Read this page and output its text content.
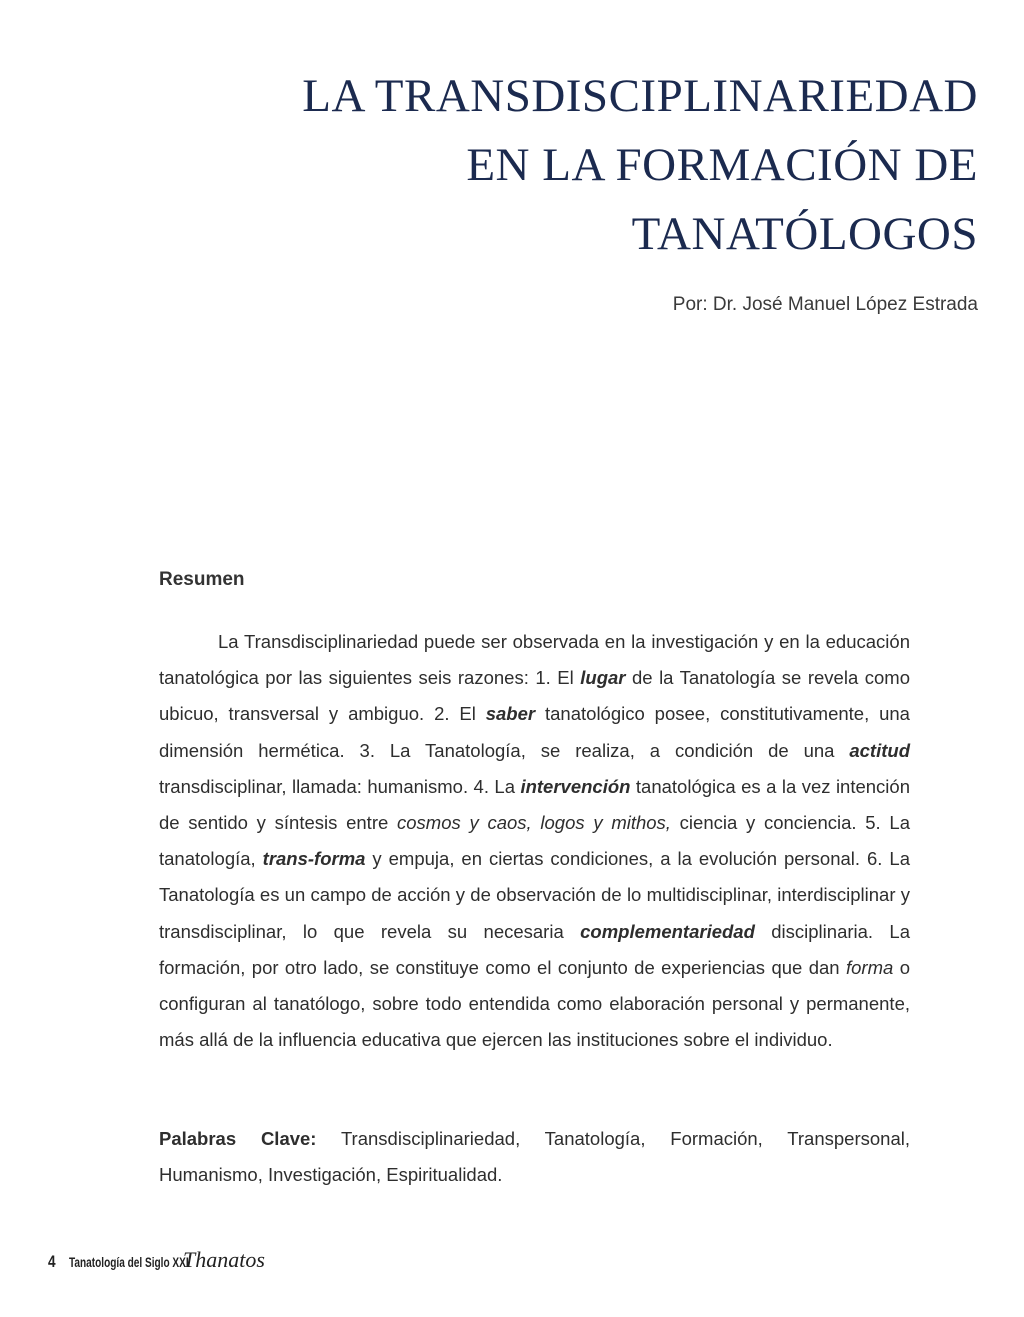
LA TRANSDISCIPLINARIEDAD
EN LA FORMACIÓN DE
TANATÓLOGOS

Por: Dr. José Manuel López Estrada

Resumen

La Transdisciplinariedad puede ser observada en la investigación y en la educación tanatológica por las siguientes seis razones: 1. El lugar de la Tanatología se revela como ubicuo, transversal y ambiguo. 2. El saber tanatológico posee, constitutivamente, una dimensión hermética. 3. La Tanatología, se realiza, a condición de una actitud transdisciplinar, llamada: humanismo. 4. La intervención tanatológica es a la vez intención de sentido y síntesis entre cosmos y caos, logos y mithos, ciencia y conciencia. 5. La tanatología, trans-forma y empuja, en ciertas condiciones, a la evolución personal. 6. La Tanatología es un campo de acción y de observación de lo multidisciplinar, interdisciplinar y transdisciplinar, lo que revela su necesaria complementariedad disciplinaria. La formación, por otro lado, se constituye como el conjunto de experiencias que dan forma o configuran al tanatólogo, sobre todo entendida como elaboración personal y permanente, más allá de la influencia educativa que ejercen las instituciones sobre el individuo.

Palabras Clave: Transdisciplinariedad, Tanatología, Formación, Transpersonal, Humanismo, Investigación, Espiritualidad.

4 Tanatología del Siglo XXI
Thanatos
